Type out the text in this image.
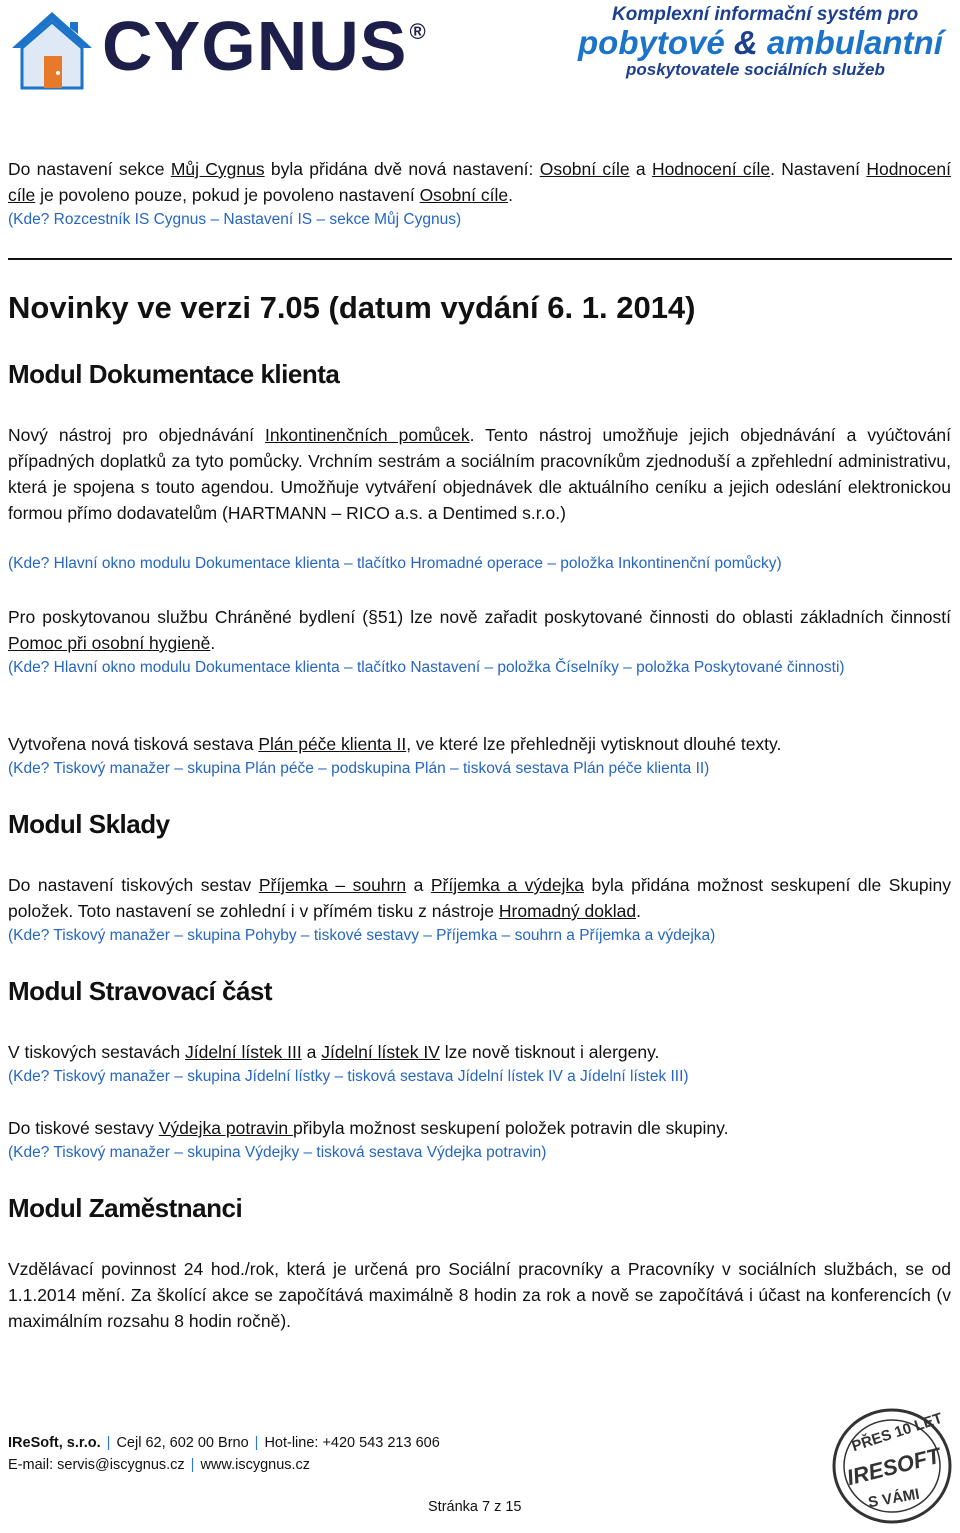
CYGNUS®
Komplexní informační systém pro
pobytové & ambulantní
poskytovatele sociálních služeb
Do nastavení sekce Můj Cygnus byla přidána dvě nová nastavení: Osobní cíle a Hodnocení cíle. Nastavení Hodnocení cíle je povoleno pouze, pokud je povoleno nastavení Osobní cíle.
(Kde? Rozcestník IS Cygnus – Nastavení IS – sekce Můj Cygnus)
Novinky ve verzi 7.05 (datum vydání 6. 1. 2014)
Modul Dokumentace klienta
Nový nástroj pro objednávání Inkontinenčních pomůcek. Tento nástroj umožňuje jejich objednávání a vyúčtování případných doplatků za tyto pomůcky. Vrchním sestrám a sociálním pracovníkům zjednoduší a zpřehlední administrativu, která je spojena s touto agendou. Umožňuje vytváření objednávek dle aktuálního ceníku a jejich odeslání elektronickou formou přímo dodavatelům (HARTMANN – RICO a.s. a Dentimed s.r.o.)
(Kde? Hlavní okno modulu Dokumentace klienta – tlačítko Hromadné operace – položka Inkontinenční pomůcky)
Pro poskytovanou službu Chráněné bydlení (§51) lze nově zařadit poskytované činnosti do oblasti základních činností Pomoc při osobní hygieně.
(Kde? Hlavní okno modulu Dokumentace klienta – tlačítko Nastavení – položka Číselníky – položka Poskytované činnosti)
Vytvořena nová tisková sestava Plán péče klienta II, ve které lze přehledněji vytisknout dlouhé texty.
(Kde? Tiskový manažer – skupina Plán péče – podskupina Plán – tisková sestava Plán péče klienta II)
Modul Sklady
Do nastavení tiskových sestav Příjemka – souhrn a Příjemka a výdejka byla přidána možnost seskupení dle Skupiny položek. Toto nastavení se zohlední i v přímém tisku z nástroje Hromadný doklad.
(Kde? Tiskový manažer – skupina Pohyby – tiskové sestavy – Příjemka – souhrn a Příjemka a výdejka)
Modul Stravovací část
V tiskových sestavách Jídelní lístek III a Jídelní lístek IV lze nově tisknout i alergeny.
(Kde? Tiskový manažer – skupina Jídelní lístky – tisková sestava Jídelní lístek IV a Jídelní lístek III)
Do tiskové sestavy Výdejka potravin přibyla možnost seskupení položek potravin dle skupiny.
(Kde? Tiskový manažer – skupina Výdejky – tisková sestava Výdejka potravin)
Modul Zaměstnanci
Vzdělávací povinnost 24 hod./rok, která je určená pro Sociální pracovníky a Pracovníky v sociálních službách, se od 1.1.2014 mění. Za školící akce se započítává maximálně 8 hodin za rok a nově se započítává i účast na konferencích (v maximálním rozsahu 8 hodin ročně).
IReSoft, s.r.o. | Cejl 62, 602 00 Brno | Hot-line: +420 543 213 606
E-mail: servis@iscygnus.cz | www.iscygnus.cz
Stránka 7 z 15
PŘES 10 LET
IRESOFT
S VÁMI
